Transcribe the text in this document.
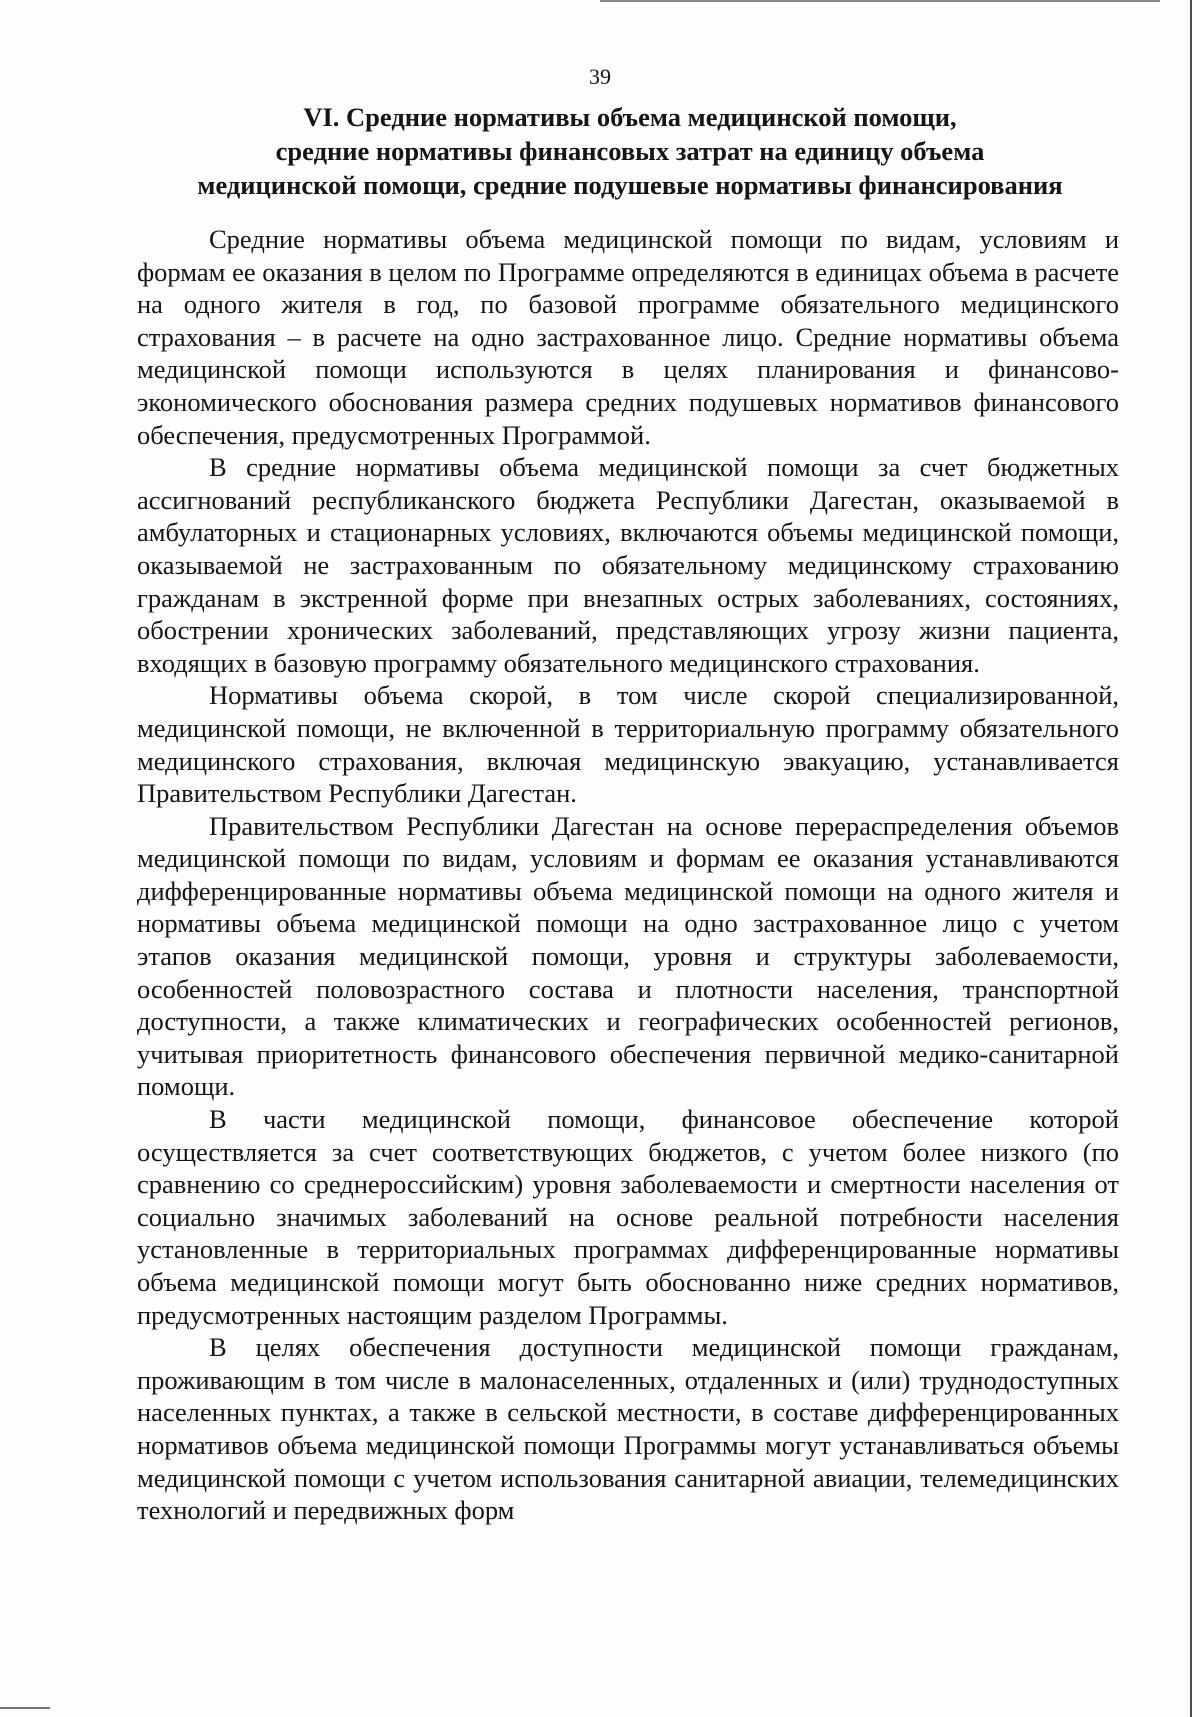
39
VI. Средние нормативы объема медицинской помощи,
средние нормативы финансовых затрат на единицу объема
медицинской помощи, средние подушевые нормативы финансирования

Средние нормативы объема медицинской помощи по видам, условиям и формам ее оказания в целом по Программе определяются в единицах объема в расчете на одного жителя в год, по базовой программе обязательного медицинского страхования – в расчете на одно застрахованное лицо. Средние нормативы объема медицинской помощи используются в целях планирования и финансово-экономического обоснования размера средних подушевых нормативов финансового обеспечения, предусмотренных Программой.

В средние нормативы объема медицинской помощи за счет бюджетных ассигнований республиканского бюджета Республики Дагестан, оказываемой в амбулаторных и стационарных условиях, включаются объемы медицинской помощи, оказываемой не застрахованным по обязательному медицинскому страхованию гражданам в экстренной форме при внезапных острых заболеваниях, состояниях, обострении хронических заболеваний, представляющих угрозу жизни пациента, входящих в базовую программу обязательного медицинского страхования.

Нормативы объема скорой, в том числе скорой специализированной, медицинской помощи, не включенной в территориальную программу обязательного медицинского страхования, включая медицинскую эвакуацию, устанавливается Правительством Республики Дагестан.

Правительством Республики Дагестан на основе перераспределения объемов медицинской помощи по видам, условиям и формам ее оказания устанавливаются дифференцированные нормативы объема медицинской помощи на одного жителя и нормативы объема медицинской помощи на одно застрахованное лицо с учетом этапов оказания медицинской помощи, уровня и структуры заболеваемости, особенностей половозрастного состава и плотности населения, транспортной доступности, а также климатических и географических особенностей регионов, учитывая приоритетность финансового обеспечения первичной медико-санитарной помощи.

В части медицинской помощи, финансовое обеспечение которой осуществляется за счет соответствующих бюджетов, с учетом более низкого (по сравнению со среднероссийским) уровня заболеваемости и смертности населения от социально значимых заболеваний на основе реальной потребности населения установленные в территориальных программах дифференцированные нормативы объема медицинской помощи могут быть обоснованно ниже средних нормативов, предусмотренных настоящим разделом Программы.

В целях обеспечения доступности медицинской помощи гражданам, проживающим в том числе в малонаселенных, отдаленных и (или) труднодоступных населенных пунктах, а также в сельской местности, в составе дифференцированных нормативов объема медицинской помощи Программы могут устанавливаться объемы медицинской помощи с учетом использования санитарной авиации, телемедицинских технологий и передвижных форм
